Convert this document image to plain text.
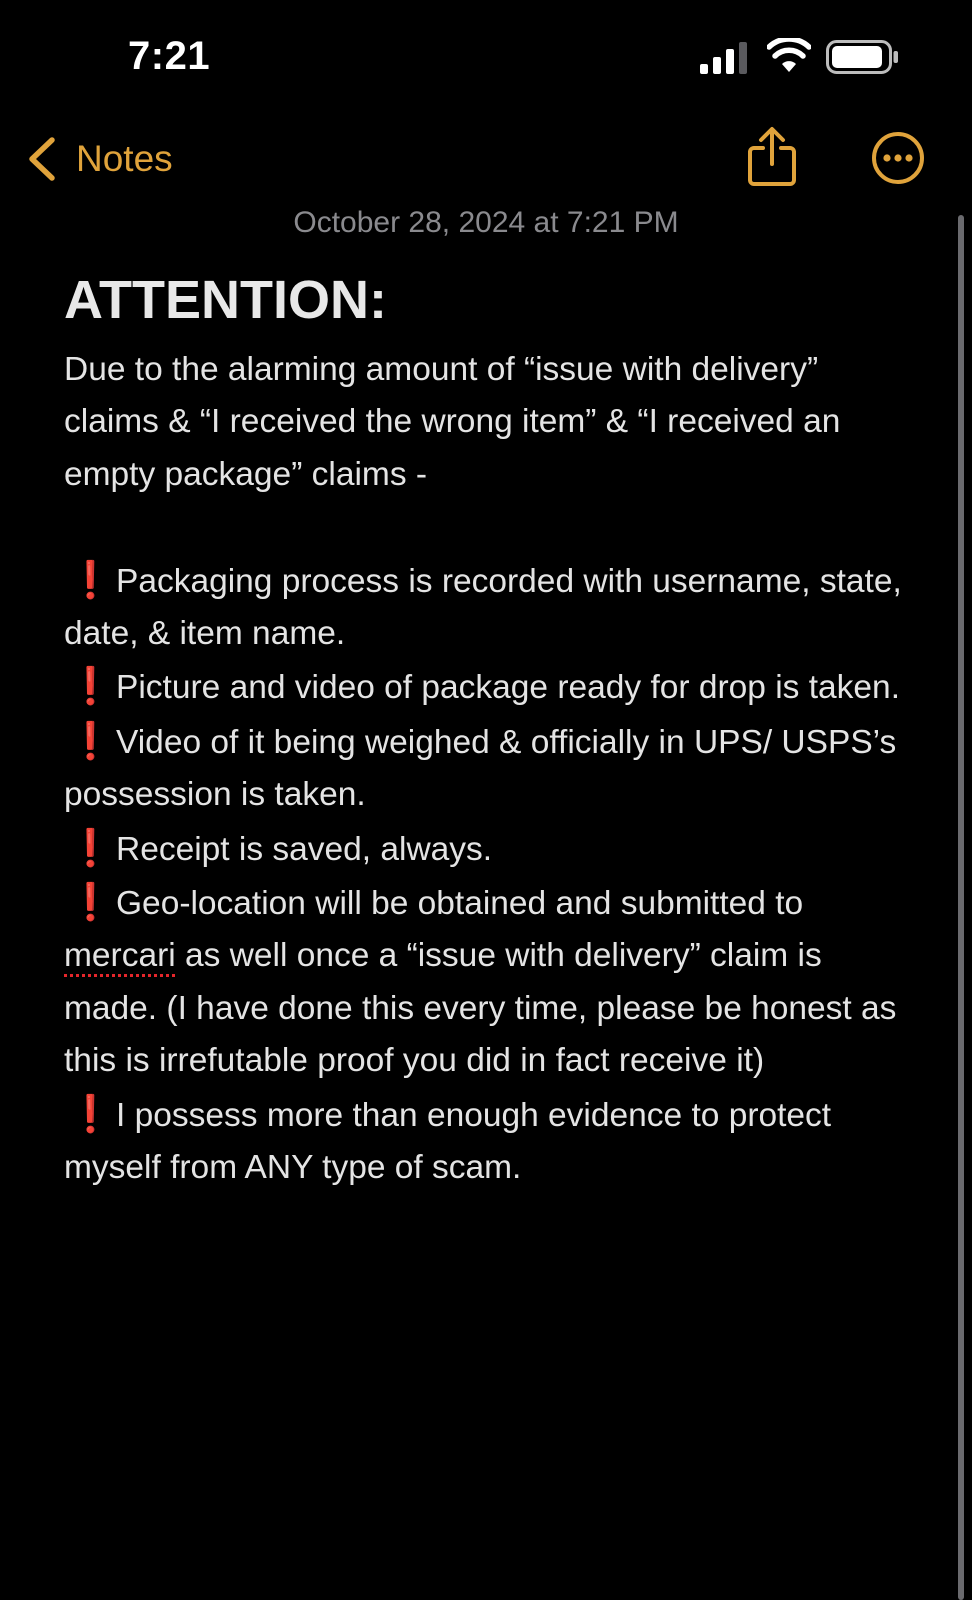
7:21
Notes
October 28, 2024 at 7:21 PM
ATTENTION:

Due to the alarming amount of “issue with delivery” claims & “I received the wrong item” & “I received an empty package” claims -

❗Packaging process is recorded with username, state, date, & item name.

❗Picture and video of package ready for drop is taken.

❗Video of it being weighed & officially in UPS/ USPS’s possession is taken.

❗Receipt is saved, always.

❗Geo-location will be obtained and submitted to mercari as well once a “issue with delivery” claim is made. (I have done this every time, please be honest as this is irrefutable proof you did in fact receive it)

❗I possess more than enough evidence to protect myself from ANY type of scam.
